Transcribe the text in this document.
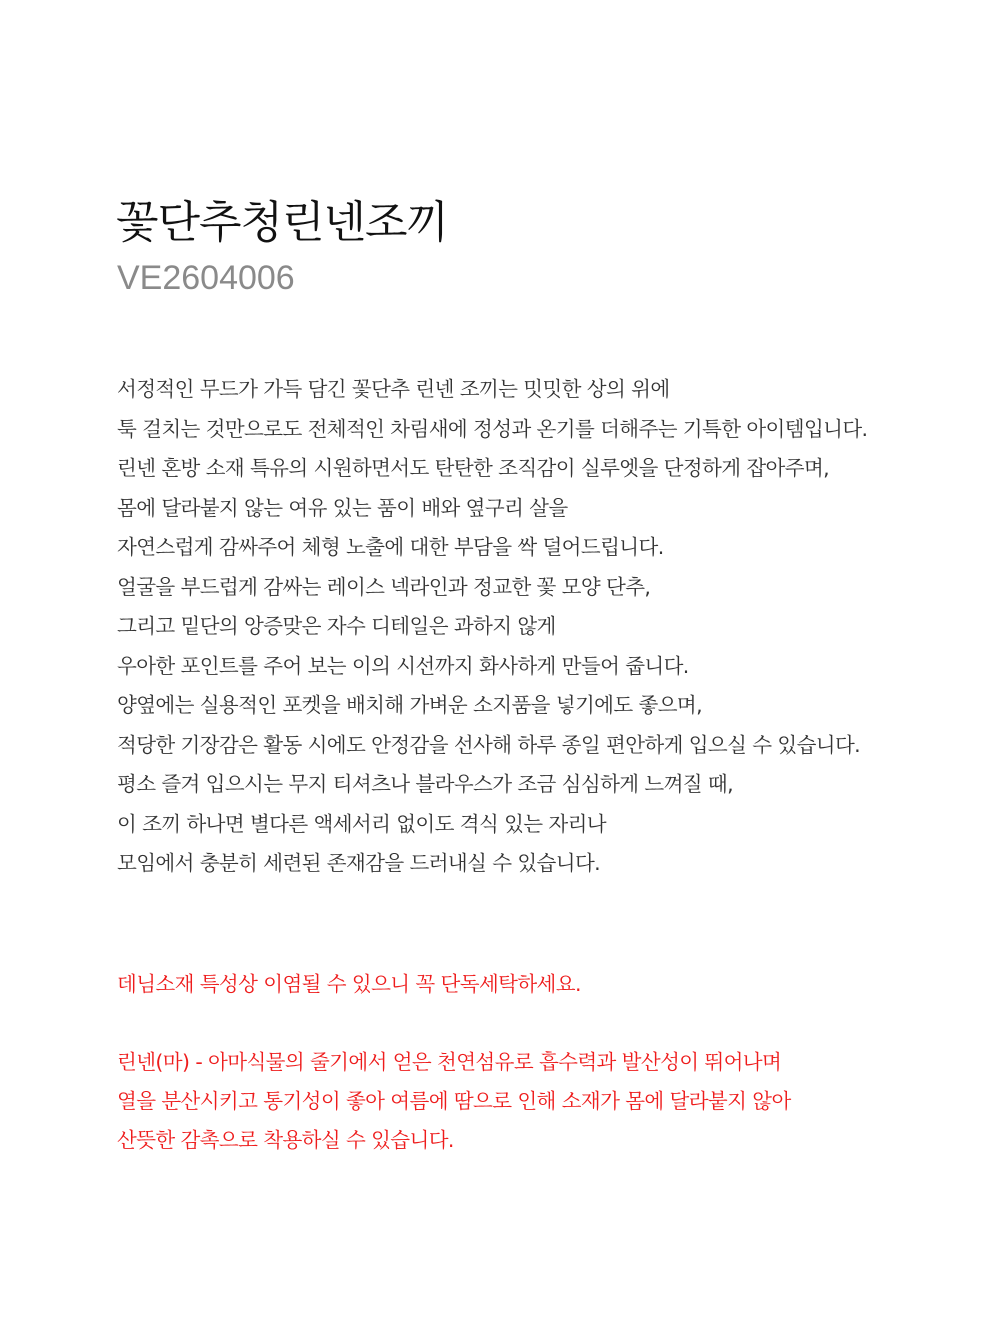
꽃단추청린넨조끼

VE2604006

서정적인 무드가 가득 담긴 꽃단추 린넨 조끼는 밋밋한 상의 위에
툭 걸치는 것만으로도 전체적인 차림새에 정성과 온기를 더해주는 기특한 아이템입니다.
린넨 혼방 소재 특유의 시원하면서도 탄탄한 조직감이 실루엣을 단정하게 잡아주며,
몸에 달라붙지 않는 여유 있는 품이 배와 옆구리 살을
자연스럽게 감싸주어 체형 노출에 대한 부담을 싹 덜어드립니다.
얼굴을 부드럽게 감싸는 레이스 넥라인과 정교한 꽃 모양 단추,
그리고 밑단의 앙증맞은 자수 디테일은 과하지 않게
우아한 포인트를 주어 보는 이의 시선까지 화사하게 만들어 줍니다.
양옆에는 실용적인 포켓을 배치해 가벼운 소지품을 넣기에도 좋으며,
적당한 기장감은 활동 시에도 안정감을 선사해 하루 종일 편안하게 입으실 수 있습니다.
평소 즐겨 입으시는 무지 티셔츠나 블라우스가 조금 심심하게 느껴질 때,
이 조끼 하나면 별다른 액세서리 없이도 격식 있는 자리나
모임에서 충분히 세련된 존재감을 드러내실 수 있습니다.
데님소재 특성상 이염될 수 있으니 꼭 단독세탁하세요.
린넨(마) - 아마식물의 줄기에서 얻은 천연섬유로 흡수력과 발산성이 뛰어나며
열을 분산시키고 통기성이 좋아 여름에 땀으로 인해 소재가 몸에 달라붙지 않아
산뜻한 감촉으로 착용하실 수 있습니다.
